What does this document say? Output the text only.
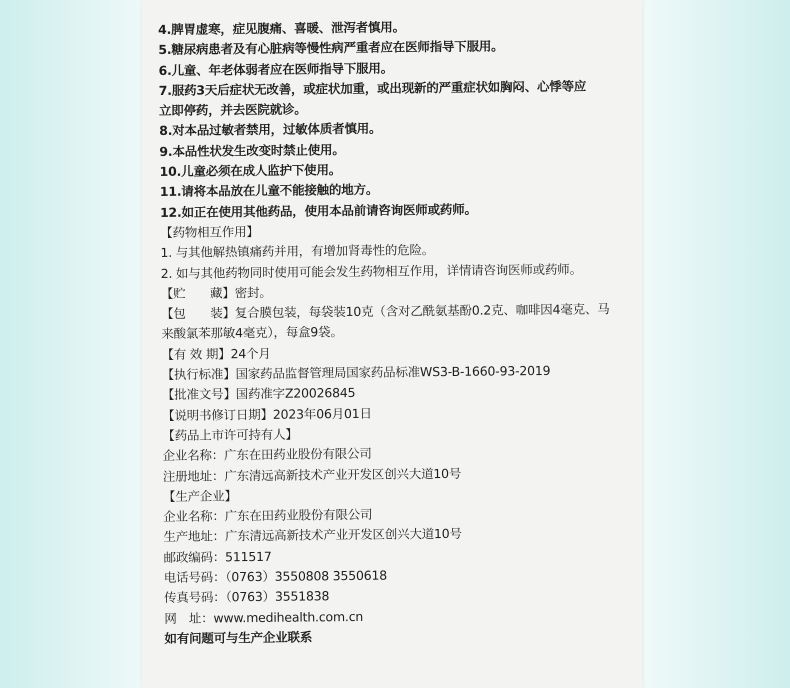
4.脾胃虚寒，症见腹痛、喜暖、泄泻者慎用。
5.糖尿病患者及有心脏病等慢性病严重者应在医师指导下服用。
6.儿童、年老体弱者应在医师指导下服用。
7.服药3天后症状无改善，或症状加重，或出现新的严重症状如胸闷、心悸等应
立即停药，并去医院就诊。
8.对本品过敏者禁用，过敏体质者慎用。
9.本品性状发生改变时禁止使用。
10.儿童必须在成人监护下使用。
11.请将本品放在儿童不能接触的地方。
12.如正在使用其他药品，使用本品前请咨询医师或药师。
【药物相互作用】
1. 与其他解热镇痛药并用，有增加肾毒性的危险。
2. 如与其他药物同时使用可能会发生药物相互作用，详情请咨询医师或药师。
【贮　　藏】密封。
【包　　装】复合膜包装，每袋装10克（含对乙酰氨基酚0.2克、咖啡因4毫克、马
来酸氯苯那敏4毫克），每盒9袋。
【有 效 期】24个月
【执行标准】国家药品监督管理局国家药品标准WS3-B-1660-93-2019
【批准文号】国药准字Z20026845
【说明书修订日期】2023年06月01日
【药品上市许可持有人】
企业名称：广东在田药业股份有限公司
注册地址：广东清远高新技术产业开发区创兴大道10号
【生产企业】
企业名称：广东在田药业股份有限公司
生产地址：广东清远高新技术产业开发区创兴大道10号
邮政编码：511517
电话号码：（0763）3550808 3550618
传真号码：（0763）3551838
网　址：www.medihealth.com.cn
如有问题可与生产企业联系
